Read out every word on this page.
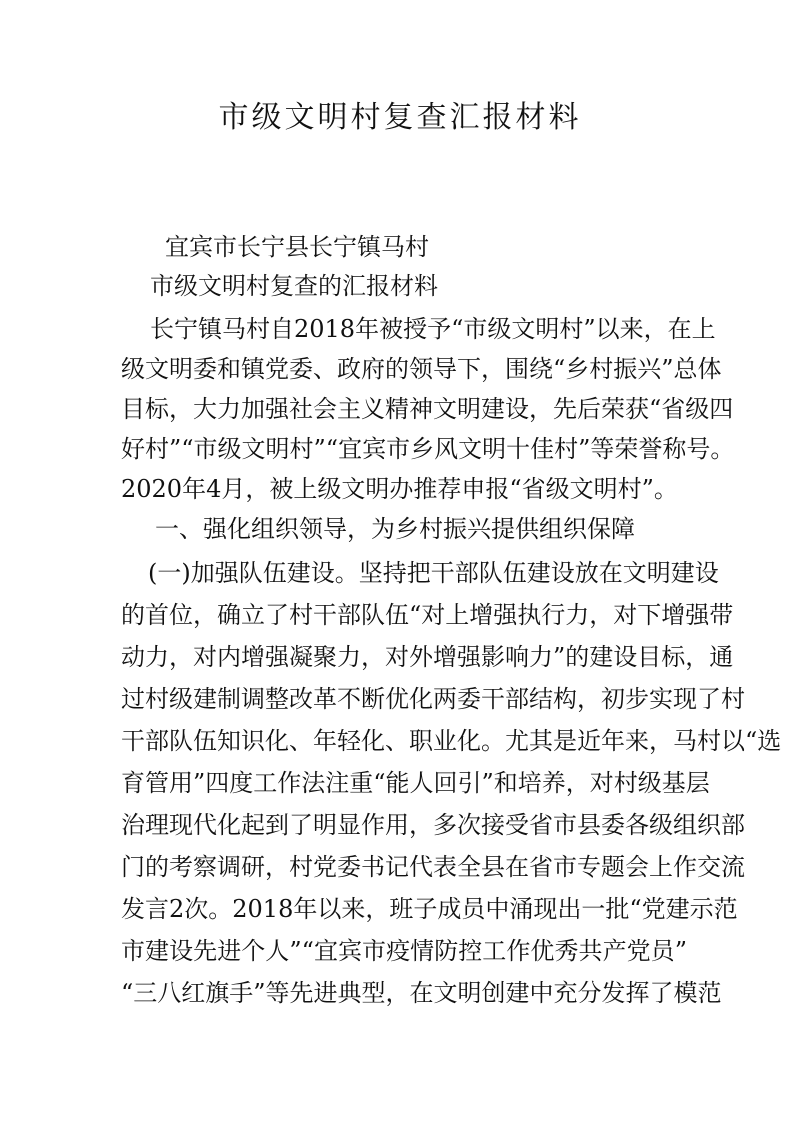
市级文明村复查汇报材料
宜宾市长宁县长宁镇马村
市级文明村复查的汇报材料
长宁镇马村自2018年被授予“市级文明村”以来，在上
级文明委和镇党委、政府的领导下，围绕“乡村振兴”总体
目标，大力加强社会主义精神文明建设，先后荣获“省级四
好村”“市级文明村”“宜宾市乡风文明十佳村”等荣誉称号。
2020年4月，被上级文明办推荐申报“省级文明村”。
一、强化组织领导，为乡村振兴提供组织保障
(一)加强队伍建设。坚持把干部队伍建设放在文明建设
的首位，确立了村干部队伍“对上增强执行力，对下增强带
动力，对内增强凝聚力，对外增强影响力”的建设目标，通
过村级建制调整改革不断优化两委干部结构，初步实现了村
干部队伍知识化、年轻化、职业化。尤其是近年来，马村以“选
育管用”四度工作法注重“能人回引”和培养，对村级基层
治理现代化起到了明显作用，多次接受省市县委各级组织部
门的考察调研，村党委书记代表全县在省市专题会上作交流
发言2次。2018年以来，班子成员中涌现出一批“党建示范
市建设先进个人”“宜宾市疫情防控工作优秀共产党员”
“三八红旗手”等先进典型，在文明创建中充分发挥了模范
